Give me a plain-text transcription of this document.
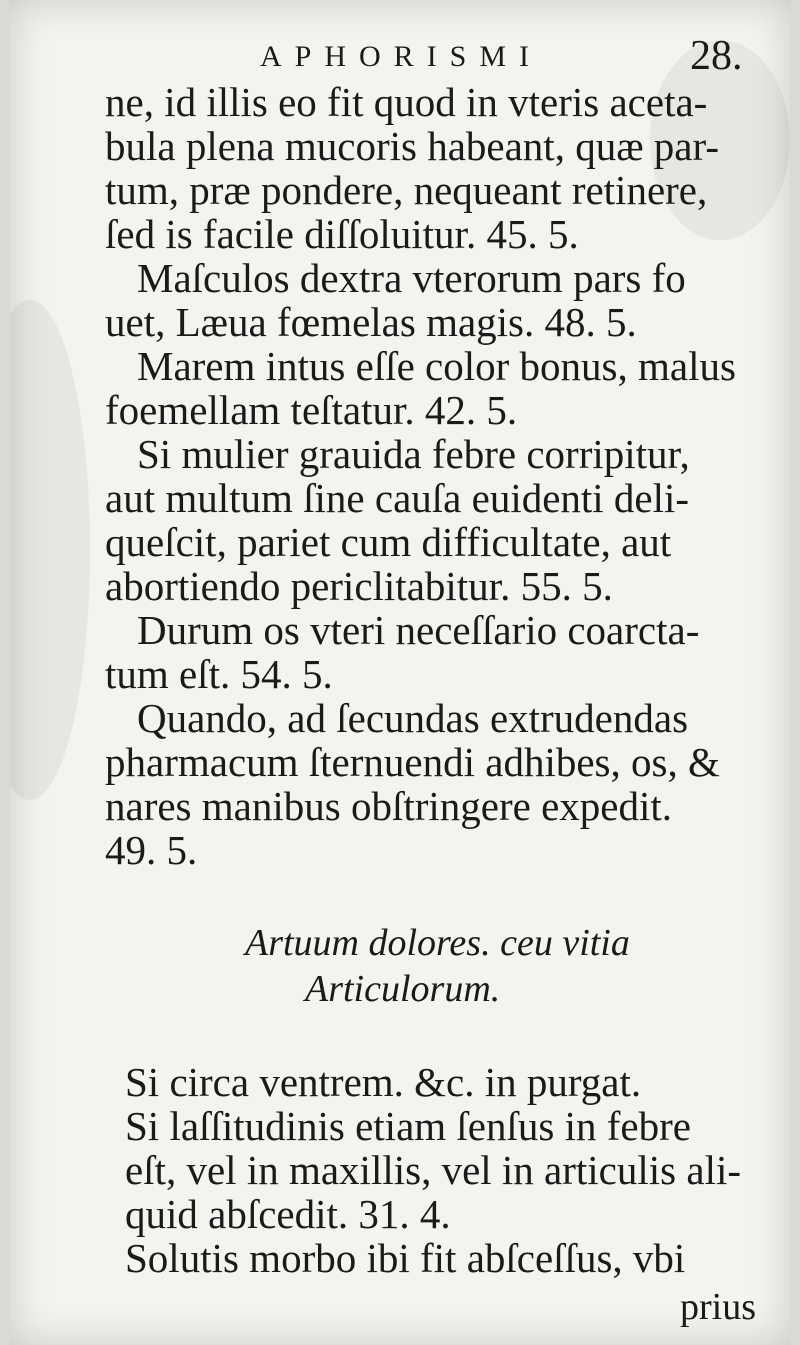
APHORISMI	28.
ne, id illis eo fit quod in vteris aceta-
bula plena mucoris habeant, quæ par-
tum, præ pondere, nequeant retinere,
ſed is facile diſſoluitur. 45. 5.
Maſculos dextra vterorum pars fo
uet, Læua fœmelas magis. 48. 5.
Marem intus eſſe color bonus, malus
foemellam teſtatur. 42. 5.
Si mulier grauida febre corripitur,
aut multum ſine cauſa euidenti deli-
queſcit, pariet cum difficultate, aut
abortiendo periclitabitur. 55. 5.
Durum os vteri neceſſario coarcta-
tum eſt. 54. 5.
Quando, ad ſecundas extrudendas
pharmacum ſternuendi adhibes, os, &
nares manibus obſtringere expedit.
49. 5.
Artuum dolores. ceu vitia
Articulorum.
Si circa ventrem. &c. in purgat.
Si laſſitudinis etiam ſenſus in febre
eſt, vel in maxillis, vel in articulis ali-
quid abſcedit. 31. 4.
Solutis morbo ibi fit abſceſſus, vbi
prius
